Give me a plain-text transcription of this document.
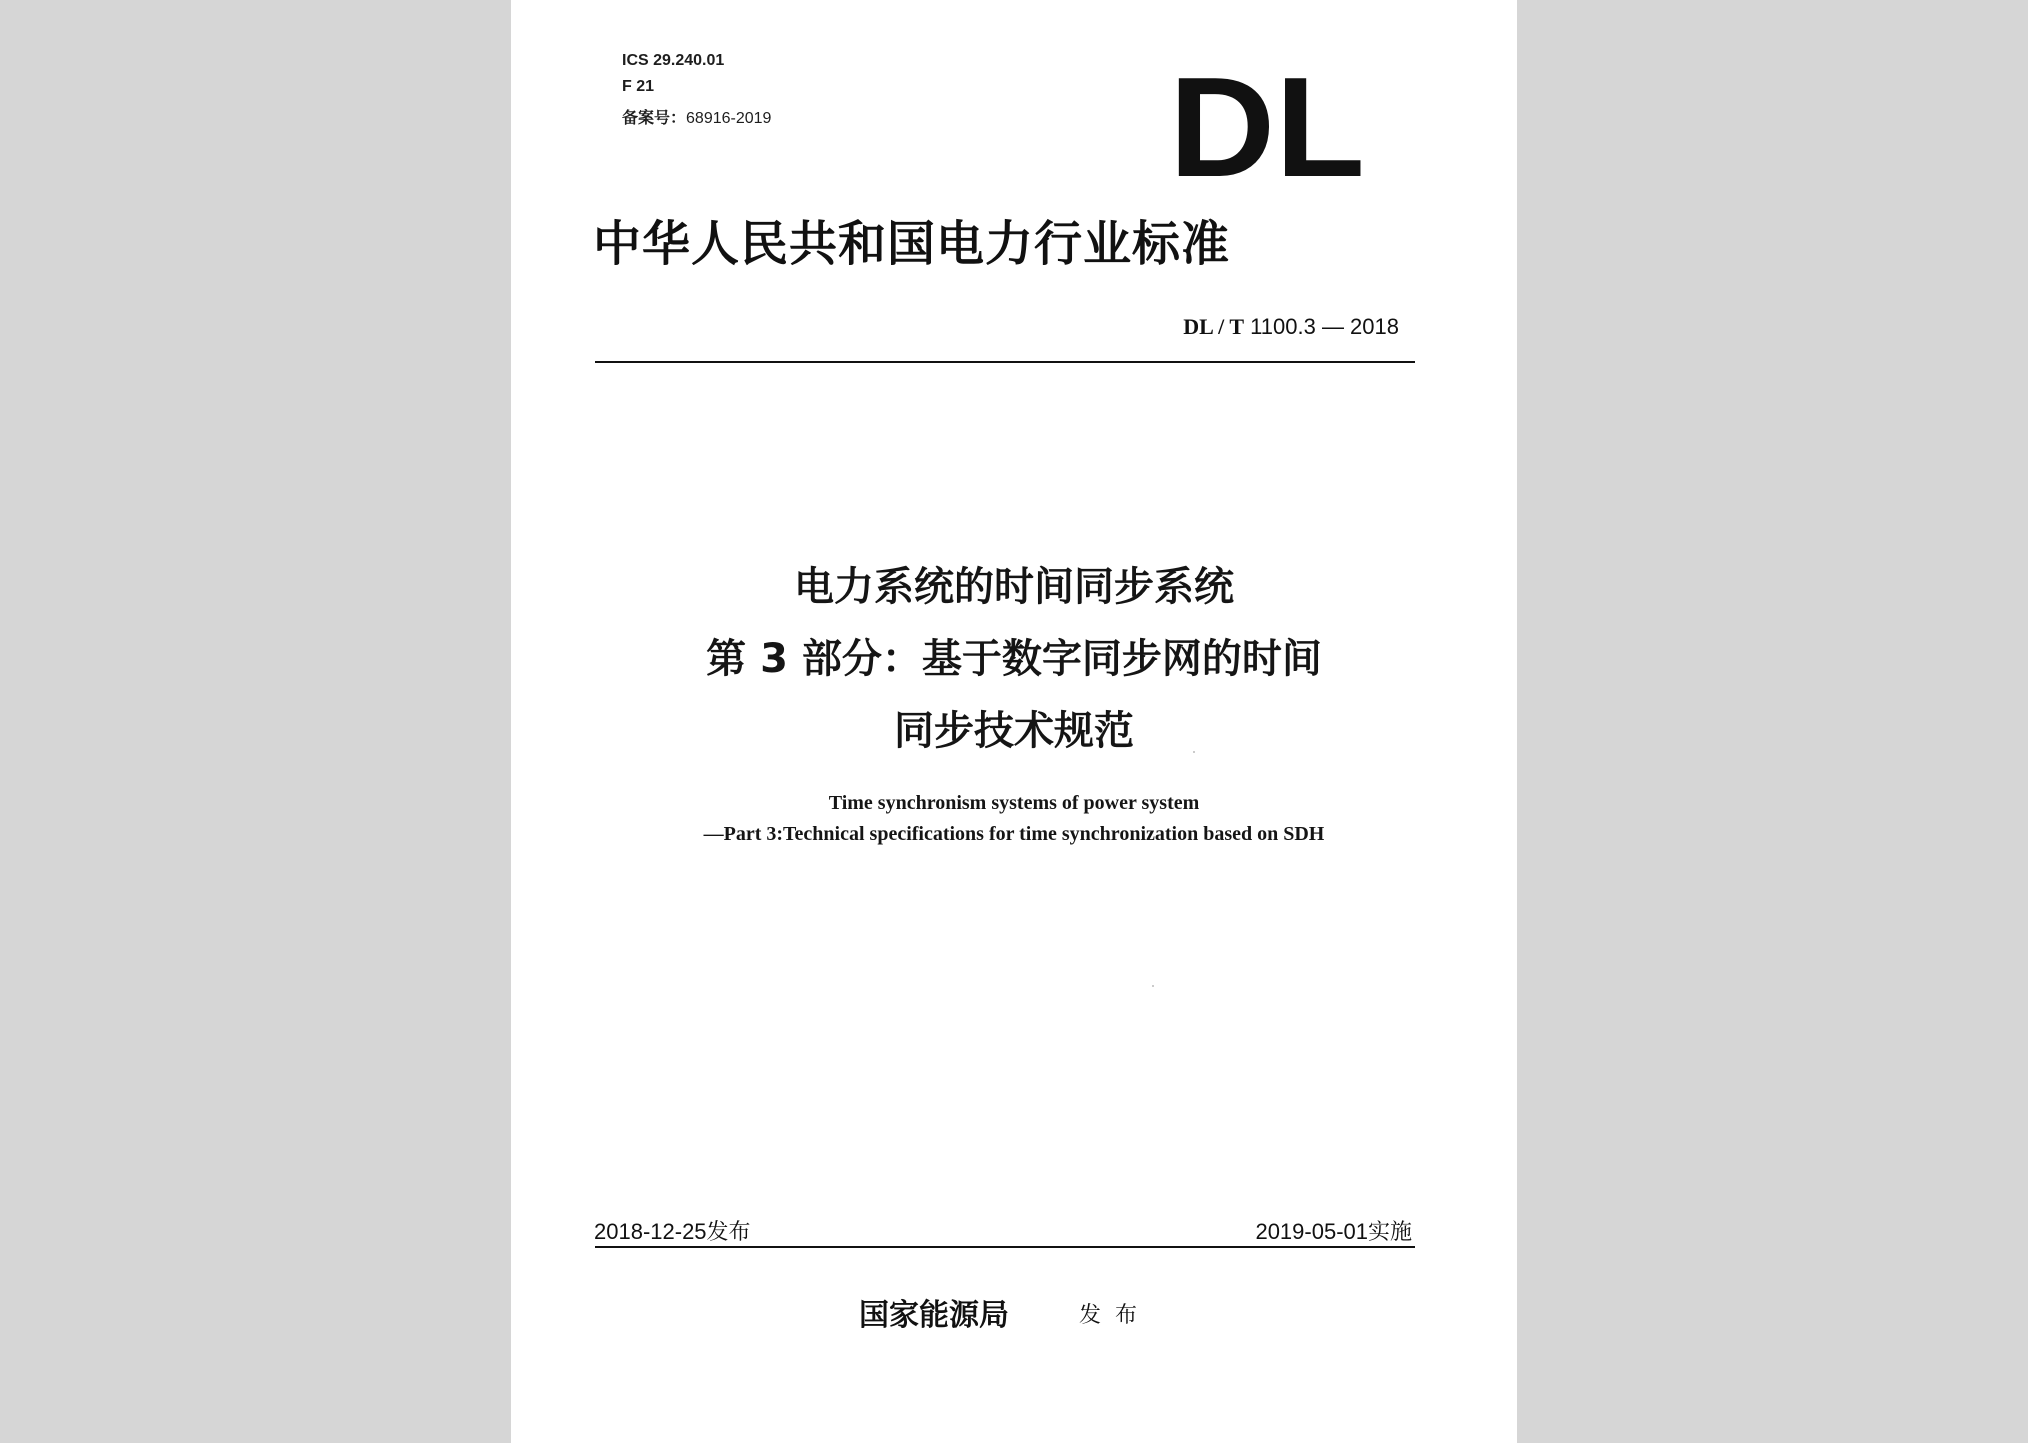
ICS 29.240.01
F 21
备案号：68916-2019	DL
中华人民共和国电力行业标准
DL / T 1100.3 — 2018
电力系统的时间同步系统
第 3 部分：基于数字同步网的时间
同步技术规范
Time synchronism systems of power system
—Part 3:Technical specifications for time synchronization based on SDH
2018-12-25发布	2019-05-01实施
国家能源局	发布
